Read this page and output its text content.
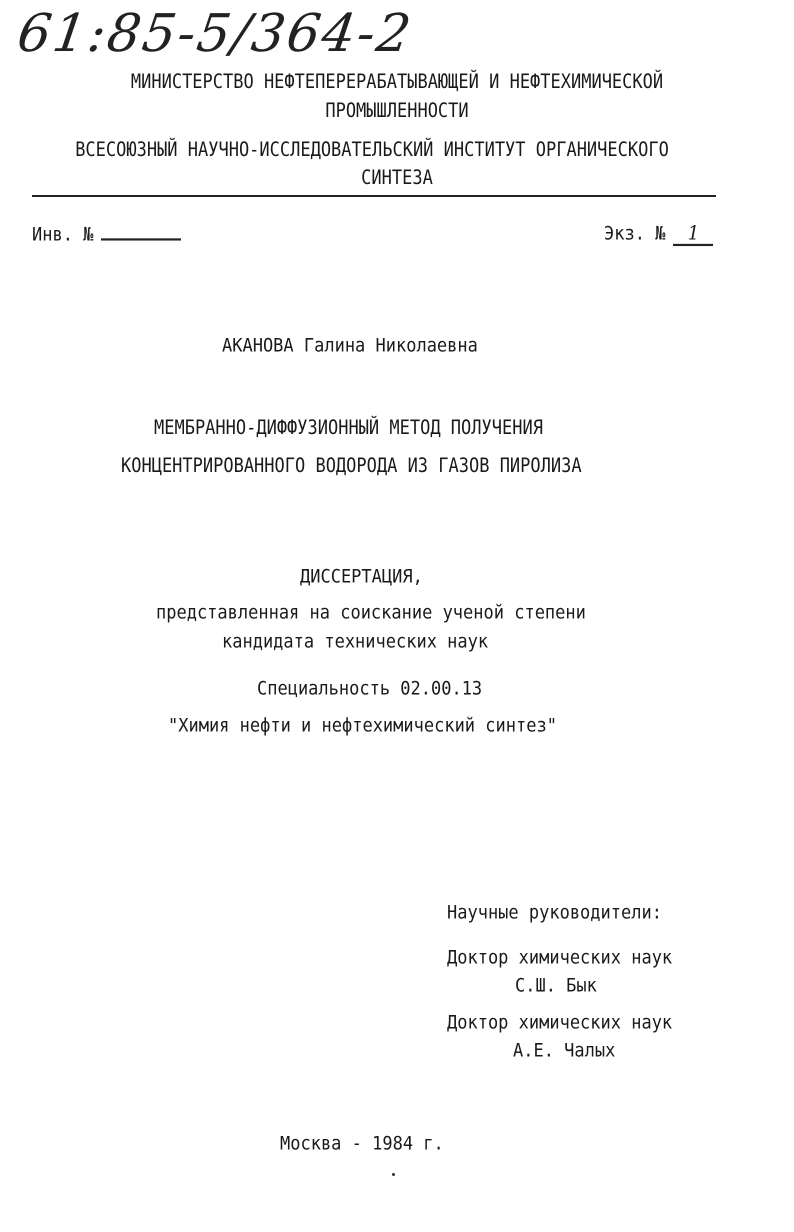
61:85-5/364-2
МИНИСТЕРСТВО НЕФТЕПЕРЕРАБАТЫВАЮЩЕЙ И НЕФТЕХИМИЧЕСКОЙ
ПРОМЫШЛЕННОСТИ
ВСЕСОЮЗНЫЙ НАУЧНО-ИССЛЕДОВАТЕЛЬСКИЙ ИНСТИТУТ ОРГАНИЧЕСКОГО
СИНТЕЗА
Инв. №	Экз. № 1
АКАНОВА Галина Николаевна
МЕМБРАННО-ДИФФУЗИОННЫЙ МЕТОД ПОЛУЧЕНИЯ
КОНЦЕНТРИРОВАННОГО ВОДОРОДА ИЗ ГАЗОВ ПИРОЛИЗА
ДИССЕРТАЦИЯ,
представленная на соискание ученой степени
кандидата технических наук
Специальность 02.00.13
"Химия нефти и нефтехимический синтез"
Научные руководители:
Доктор химических наук
С.Ш. Бык
Доктор химических наук
А.Е. Чалых
Москва - 1984 г.
